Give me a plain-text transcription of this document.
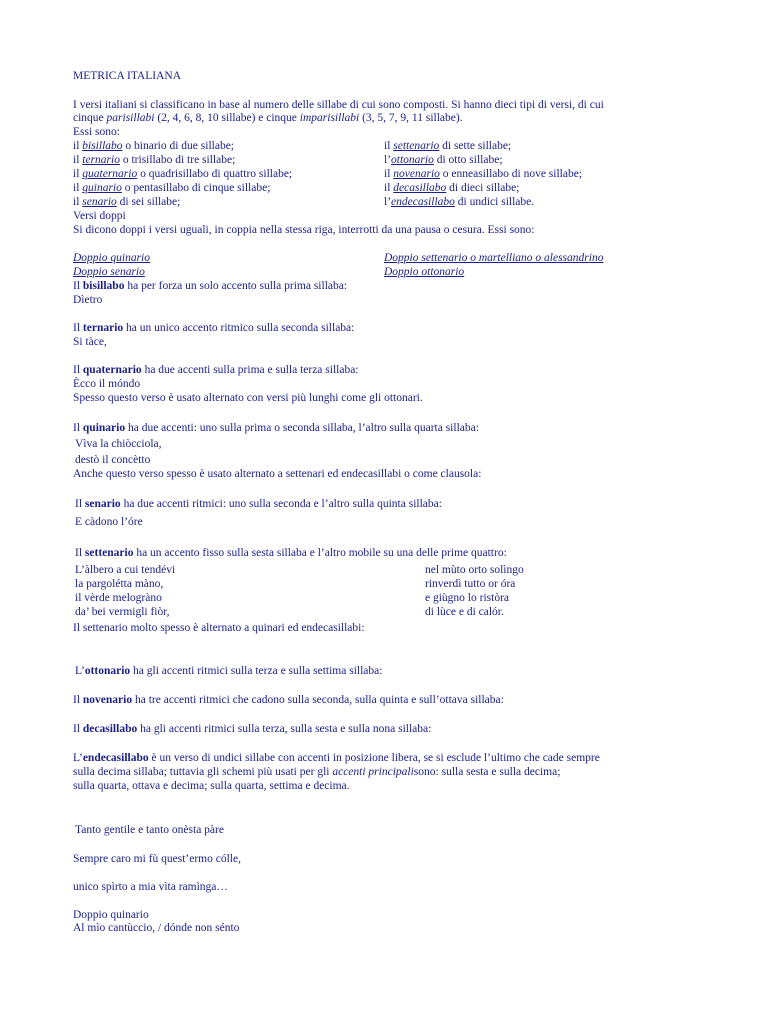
METRICA ITALIANA
I versi italiani si classificano in base al numero delle sillabe di cui sono composti. Si hanno dieci tipi di versi, di cui
cinque parisillabi (2, 4, 6, 8, 10 sillabe) e cinque imparisillabi (3, 5, 7, 9, 11 sillabe).
Essi sono:
il bisillabo o binario di due sillabe;
il ternario o trisillabo di tre sillabe;
il quaternario o quadrisillabo di quattro sillabe;
il quinario o pentasillabo di cinque sillabe;
il senario di sei sillabe;
il settenario di sette sillabe;
l’ottonario di otto sillabe;
il novenario o enneasillabo di nove sillabe;
il decasillabo di dieci sillabe;
l’endecasillabo di undici sillabe.
Versi doppi
Si dicono doppi i versi uguali, in coppia nella stessa riga, interrotti da una pausa o cesura. Essi sono:
Doppio quinario	Doppio settenario o martelliano o alessandrino
Doppio senario	Doppio ottonario
Il bisillabo ha per forza un solo accento sulla prima sillaba:
Dìetro
Il ternario ha un unico accento ritmico sulla seconda sillaba:
Si tàce,
Il quaternario ha due accenti sulla prima e sulla terza sillaba:
Ècco il móndo
Spesso questo verso è usato alternato con versi più lunghi come gli ottonari.
Il quinario ha due accenti: uno sulla prima o seconda sillaba, l’altro sulla quarta sillaba:
Vìva la chiòcciola,
destò il concètto
Anche questo verso spesso è usato alternato a settenari ed endecasillabi o come clausola:
Il senario ha due accenti ritmici: uno sulla seconda e l’altro sulla quinta sillaba:
E càdono l’óre
Il settenario ha un accento fisso sulla sesta sillaba e l’altro mobile su una delle prime quattro:
L’àlbero a cui tendévi
la pargolétta màno,
il vèrde melogràno
da’ bei vermigli fiòr,
nel mùto orto solìngo
rinverdì tutto or óra
e giùgno lo ristòra
di lùce e di calór.
Il settenario molto spesso è alternato a quinari ed endecasillabi:
L’ottonario ha gli accenti ritmici sulla terza e sulla settima sillaba:
Il novenario ha tre accenti ritmici che cadono sulla seconda, sulla quinta e sull’ottava sillaba:
Il decasillabo ha gli accenti ritmici sulla terza, sulla sesta e sulla nona sillaba:
L’endecasillabo è un verso di undici sillabe con accenti in posizione libera, se si esclude l’ultimo che cade sempre
sulla decima sillaba; tuttavia gli schemi più usati per gli accenti principalisono: sulla sesta e sulla decima;
sulla quarta, ottava e decima; sulla quarta, settima e decima.
Tanto gentile e tanto onèsta pàre
Sempre caro mi fù quest’ermo cólle,
unico spìrto a mia vìta ramìnga…
Doppio quinario
Al mìo cantùccio, / dónde non sénto
